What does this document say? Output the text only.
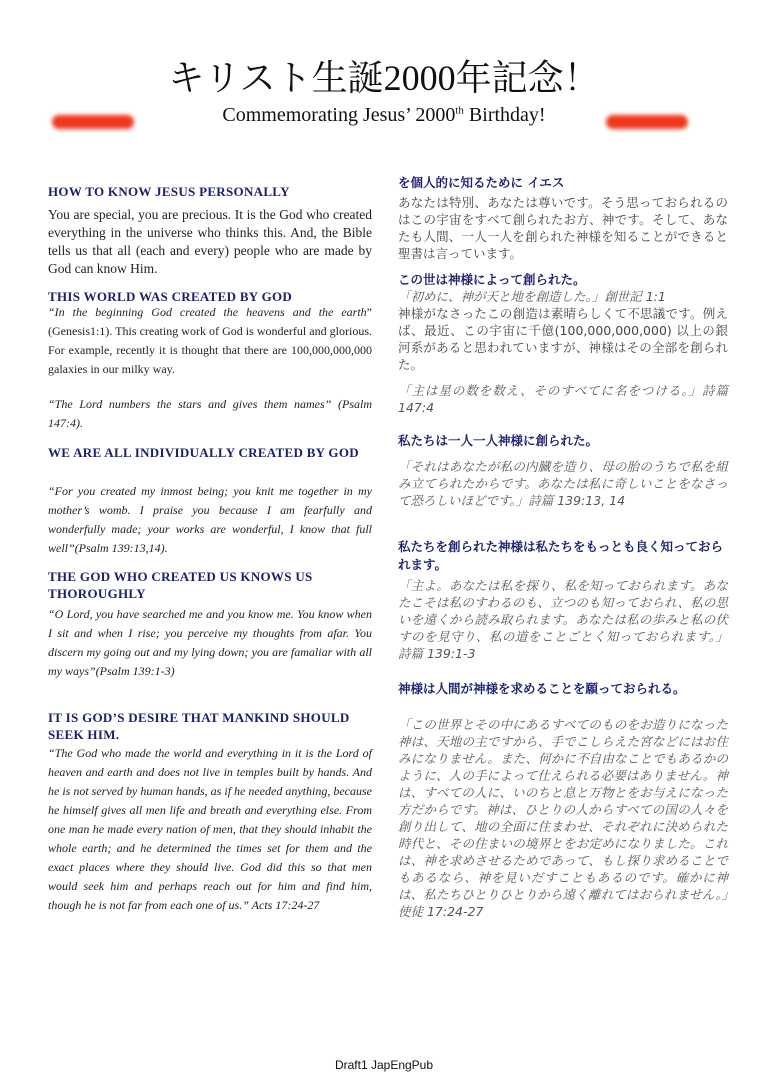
キリスト生誕2000年記念！
Commemorating Jesus’ 2000th Birthday!
HOW TO KNOW JESUS PERSONALLY
You are special, you are precious. It is the God who created everything in the universe who thinks this. And, the Bible tells us that all (each and every) people who are made by God can know Him.
THIS WORLD WAS CREATED BY GOD
“In the beginning God created the heavens and the earth” (Genesis1:1). This creating work of God is wonderful and glorious. For example, recently it is thought that there are 100,000,000,000 galaxies in our milky way.
“The Lord numbers the stars and gives them names” (Psalm 147:4).
WE ARE ALL INDIVIDUALLY CREATED BY GOD
“For you created my inmost being; you knit me together in my mother’s womb. I praise you because I am fearfully and wonderfully made; your works are wonderful, I know that full well”(Psalm 139:13,14).
THE GOD WHO CREATED US KNOWS US THOROUGHLY
“O Lord, you have searched me and you know me. You know when I sit and when I rise; you perceive my thoughts from afar. You discern my going out and my lying down; you are famaliar with all my ways”(Psalm 139:1-3)
IT IS GOD’S DESIRE THAT MANKIND SHOULD SEEK HIM.
“The God who made the world and everything in it is the Lord of heaven and earth and does not live in temples built by hands. And he is not served by human hands, as if he needed anything, because he himself gives all men life and breath and everything else. From one man he made every nation of men, that they should inhabit the whole earth; and he determined the times set for them and the exact places where they should live. God did this so that men would seek him and perhaps reach out for him and find him, though he is not far from each one of us.” Acts 17:24-27
を個人的に知るために イエス
あなたは特別、あなたは尊いです。そう思っておられるのはこの宇宙をすべて創られたお方、神です。そして、あなたも人間、一人一人を創られた神様を知ることができると聖書は言っています。
この世は神様によって創られた。
「初めに、神が天と地を創造した。」創世記 1:1
神様がなさったこの創造は素晴らしくて不思議です。例えば、最近、この宇宙に千億(100,000,000,000) 以上の銀河系があると思われていますが、神様はその全部を創られた。
「主は星の数を数え、そのすべてに名をつける。」詩篇 147:4
私たちは一人一人神様に創られた。
「それはあなたが私の内臓を造り、母の胎のうちで私を組み立てられたからです。あなたは私に奇しいことをなさって恐ろしいほどです。」詩篇 139:13, 14
私たちを創られた神様は私たちをもっとも良く知っておられます。
「主よ。あなたは私を探り、私を知っておられます。あなたこそは私のすわるのも、立つのも知っておられ、私の思いを遠くから読み取られます。あなたは私の歩みと私の伏すのを見守り、私の道をことごとく知っておられます。」詩篇 139:1-3
神様は人間が神様を求めることを願っておられる。
「この世界とその中にあるすべてのものをお造りになった神は、天地の主ですから、手でこしらえた宮などにはお住みになりません。また、何かに不自由なことでもあるかのように、人の手によって仕えられる必要はありません。神は、すべての人に、いのちと息と万物とをお与えになった方だからです。神は、ひとりの人からすべての国の人々を創り出して、地の全面に住まわせ、それぞれに決められた時代と、その住まいの境界とをお定めになりました。これは、神を求めさせるためであって、もし探り求めることでもあるなら、神を見いだすこともあるのです。確かに神は、私たちひとりひとりから遠く離れてはおられません。」使徒 17:24-27
Draft1 JapEngPub
